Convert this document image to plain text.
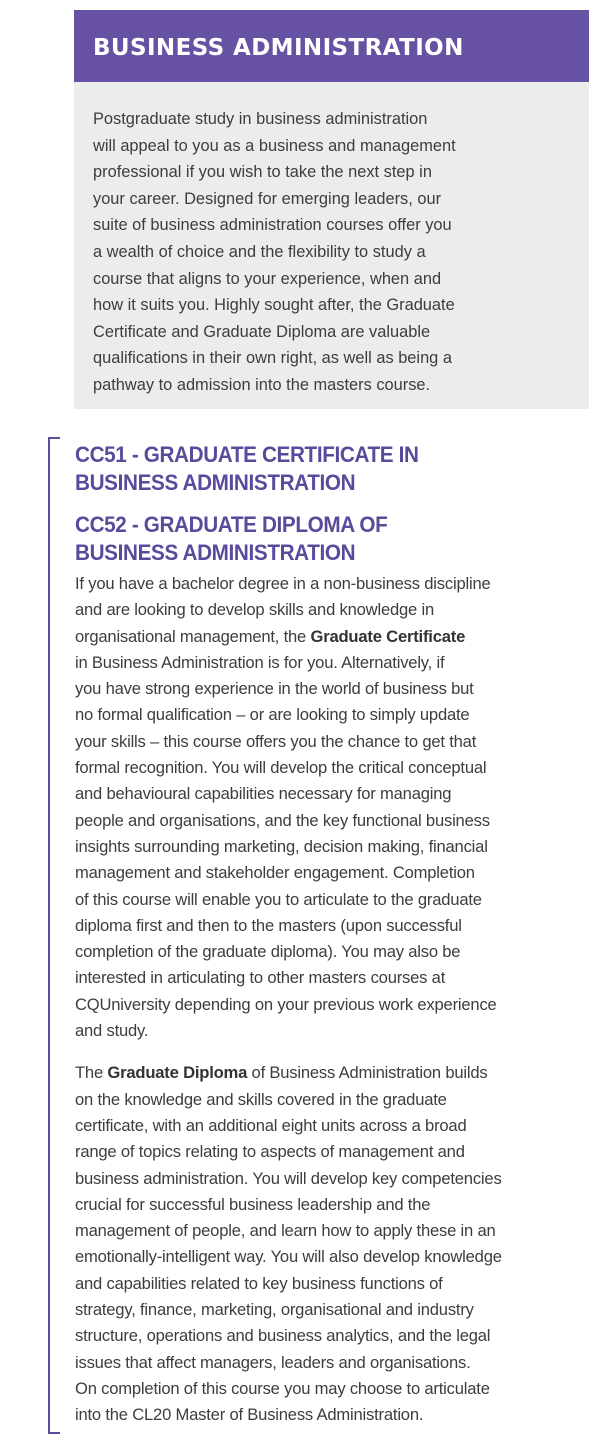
BUSINESS ADMINISTRATION

Postgraduate study in business administration
will appeal to you as a business and management
professional if you wish to take the next step in
your career. Designed for emerging leaders, our
suite of business administration courses offer you
a wealth of choice and the flexibility to study a
course that aligns to your experience, when and
how it suits you. Highly sought after, the Graduate
Certificate and Graduate Diploma are valuable
qualifications in their own right, as well as being a
pathway to admission into the masters course.

CC51 - GRADUATE CERTIFICATE IN
BUSINESS ADMINISTRATION
CC52 - GRADUATE DIPLOMA OF
BUSINESS ADMINISTRATION

If you have a bachelor degree in a non-business discipline
and are looking to develop skills and knowledge in
organisational management, the Graduate Certificate
in Business Administration is for you. Alternatively, if
you have strong experience in the world of business but
no formal qualification – or are looking to simply update
your skills – this course offers you the chance to get that
formal recognition. You will develop the critical conceptual
and behavioural capabilities necessary for managing
people and organisations, and the key functional business
insights surrounding marketing, decision making, financial
management and stakeholder engagement. Completion
of this course will enable you to articulate to the graduate
diploma first and then to the masters (upon successful
completion of the graduate diploma). You may also be
interested in articulating to other masters courses at
CQUniversity depending on your previous work experience
and study.

The Graduate Diploma of Business Administration builds
on the knowledge and skills covered in the graduate
certificate, with an additional eight units across a broad
range of topics relating to aspects of management and
business administration. You will develop key competencies
crucial for successful business leadership and the
management of people, and learn how to apply these in an
emotionally-intelligent way. You will also develop knowledge
and capabilities related to key business functions of
strategy, finance, marketing, organisational and industry
structure, operations and business analytics, and the legal
issues that affect managers, leaders and organisations.
On completion of this course you may choose to articulate
into the CL20 Master of Business Administration.
